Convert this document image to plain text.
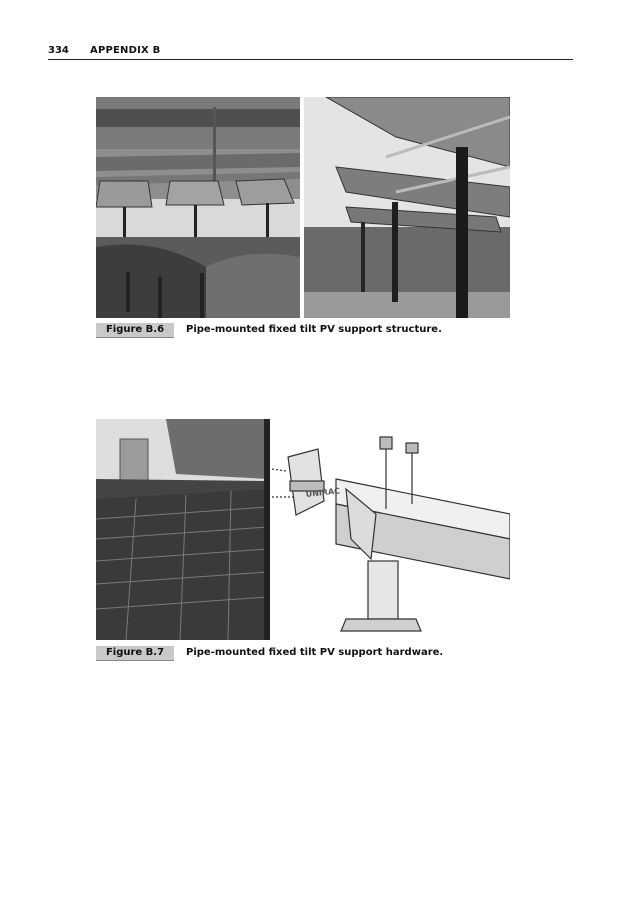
334 APPENDIX B
Figure B.6	Pipe-mounted fixed tilt PV support structure.
UNIRAC
Figure B.7	Pipe-mounted fixed tilt PV support hardware.
